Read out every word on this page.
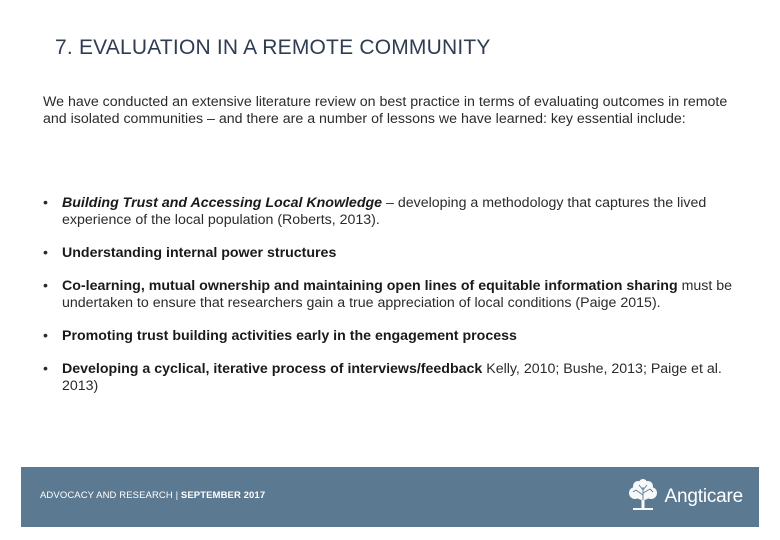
7. EVALUATION IN A REMOTE COMMUNITY

We have conducted an extensive literature review on best practice in terms of evaluating outcomes in remote and isolated communities – and there are a number of lessons we have learned: key essential include:

• Building Trust and Accessing Local Knowledge – developing a methodology that captures the lived experience of the local population (Roberts, 2013).
• Understanding internal power structures
• Co-learning, mutual ownership and maintaining open lines of equitable information sharing must be undertaken to ensure that researchers gain a true appreciation of local conditions (Paige 2015).
• Promoting trust building activities early in the engagement process
• Developing a cyclical, iterative process of interviews/feedback Kelly, 2010; Bushe, 2013; Paige et al. 2013)
ADVOCACY AND RESEARCH | SEPTEMBER 2017	Angticare
